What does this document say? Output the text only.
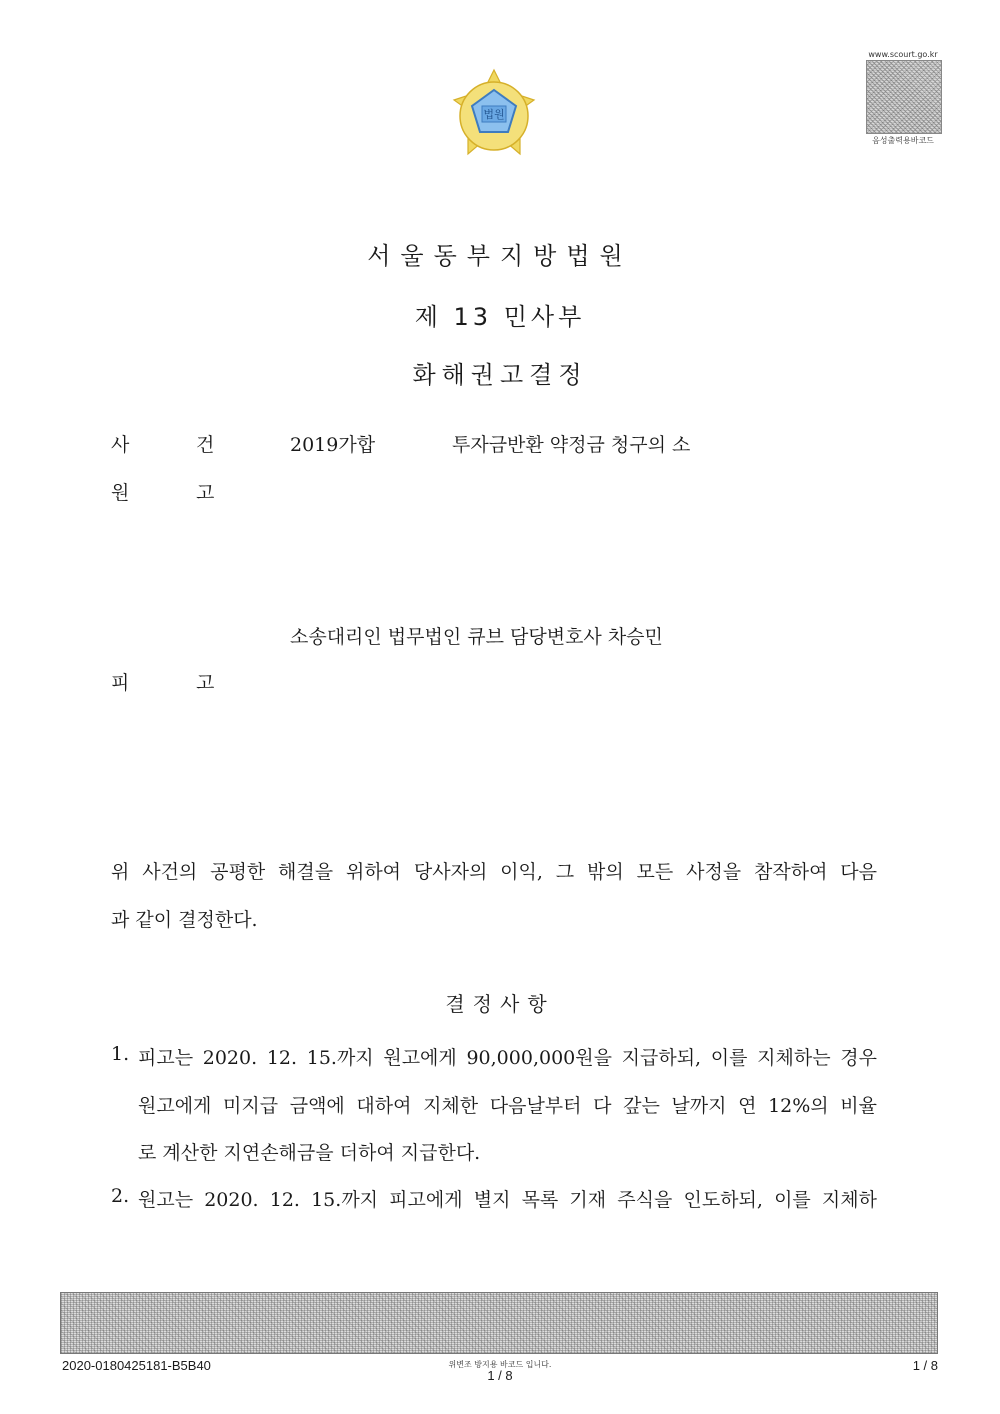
법원
www.scourt.go.kr
음성출력용바코드
서울동부지방법원
제 13 민사부
화해권고결정
사	건	2019가합	투자금반환 약정금 청구의 소
원	고
소송대리인 법무법인 큐브 담당변호사 차승민
피	고
위 사건의 공평한 해결을 위하여 당사자의 이익, 그 밖의 모든 사정을 참작하여 다음
과 같이 결정한다.
결정사항
1. 피고는 2020. 12. 15.까지 원고에게 90,000,000원을 지급하되, 이를 지체하는 경우
원고에게 미지급 금액에 대하여 지체한 다음날부터 다 갚는 날까지 연 12%의 비율
로 계산한 지연손해금을 더하여 지급한다.
2. 원고는 2020. 12. 15.까지 피고에게 별지 목록 기재 주식을 인도하되, 이를 지체하
2020-0180425181-B5B40	위변조 방지용 바코드 입니다.
1 / 8
1 / 8
